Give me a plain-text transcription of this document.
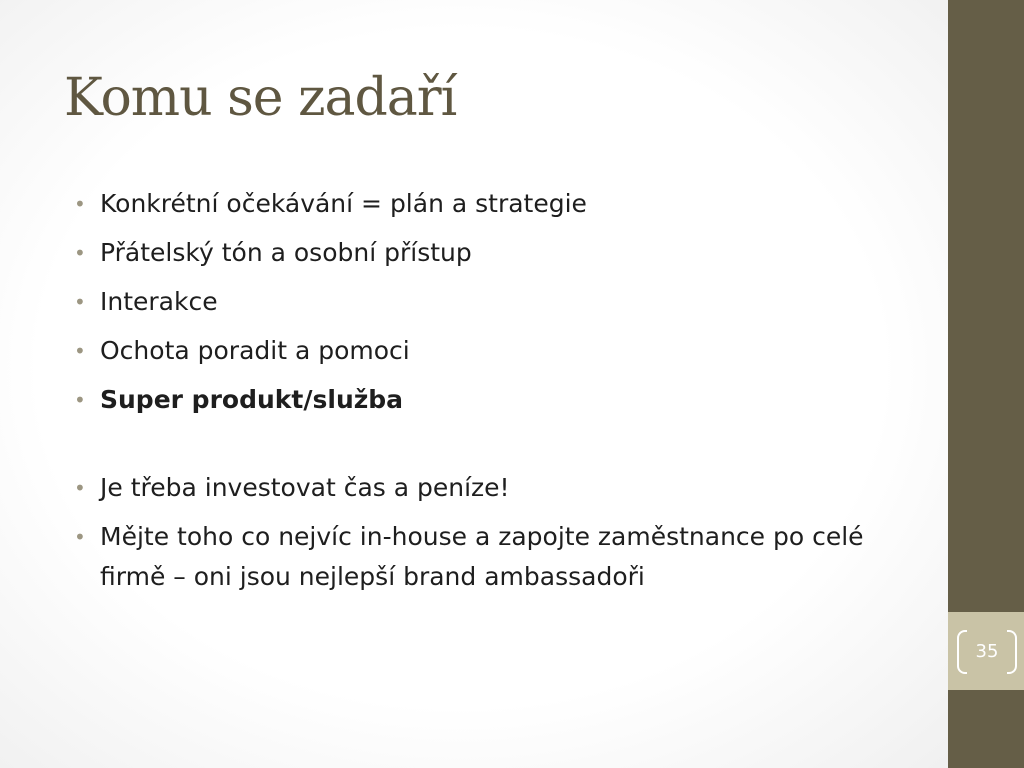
Komu se zadaří
• Konkrétní očekávání = plán a strategie
• Přátelský tón a osobní přístup
• Interakce
• Ochota poradit a pomoci
• Super produkt/služba
• Je třeba investovat čas a peníze!
• Mějte toho co nejvíc in-house a zapojte zaměstnance po celé firmě – oni jsou nejlepší brand ambassadoři
35
